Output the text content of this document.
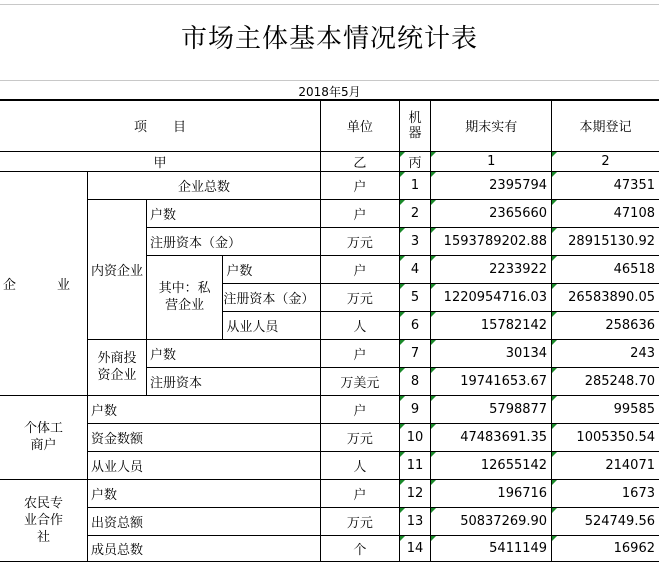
市场主体基本情况统计表
2018年5月
项　　目				单位	机器	期末实有	本期登记
甲				乙	丙	1	2
企　业	企业总数			户	1	2395794	47351
	内资企业	户数		户	2	2365660	47108
		注册资本（金）		万元	3	1593789202.88	28915130.92
		其中：私营企业	户数	户	4	2233922	46518
			注册资本（金）	万元	5	1220954716.03	26583890.05
			从业人员	人	6	15782142	258636
	外商投资企业	户数		户	7	30134	243
		注册资本		万美元	8	19741653.67	285248.70
个体工商户	户数			户	9	5798877	99585
	资金数额			万元	10	47483691.35	1005350.54
	从业人员			人	11	12655142	214071
农民专业合作社	户数			户	12	196716	1673
	出资总额			万元	13	50837269.90	524749.56
	成员总数			个	14	5411149	16962
